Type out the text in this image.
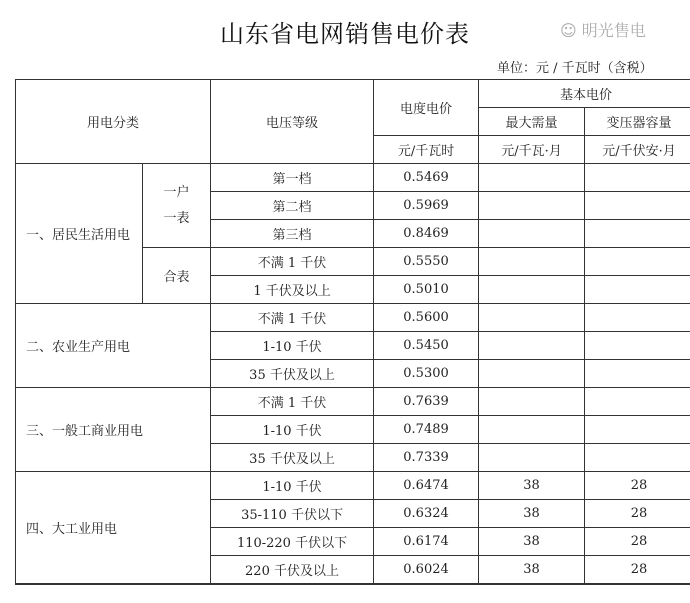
山东省电网销售电价表
单位：元 / 千瓦时（含税）
用电分类		电压等级	电度电价	基本电价	
				最大需量	变压器容量
			元/千瓦时	元/千瓦·月	元/千伏安·月
一、居民生活用电	一户一表	第一档	0.5469		
		第二档	0.5969		
		第三档	0.8469		
	合表	不满 1 千伏	0.5550		
		1 千伏及以上	0.5010		
二、农业生产用电		不满 1 千伏	0.5600		
		1-10 千伏	0.5450		
		35 千伏及以上	0.5300		
三、一般工商业用电		不满 1 千伏	0.7639		
		1-10 千伏	0.7489		
		35 千伏及以上	0.7339		
四、大工业用电		1-10 千伏	0.6474	38	28
		35-110 千伏以下	0.6324	38	28
		110-220 千伏以下	0.6174	38	28
		220 千伏及以上	0.6024	38	28
☺ 明光售电
